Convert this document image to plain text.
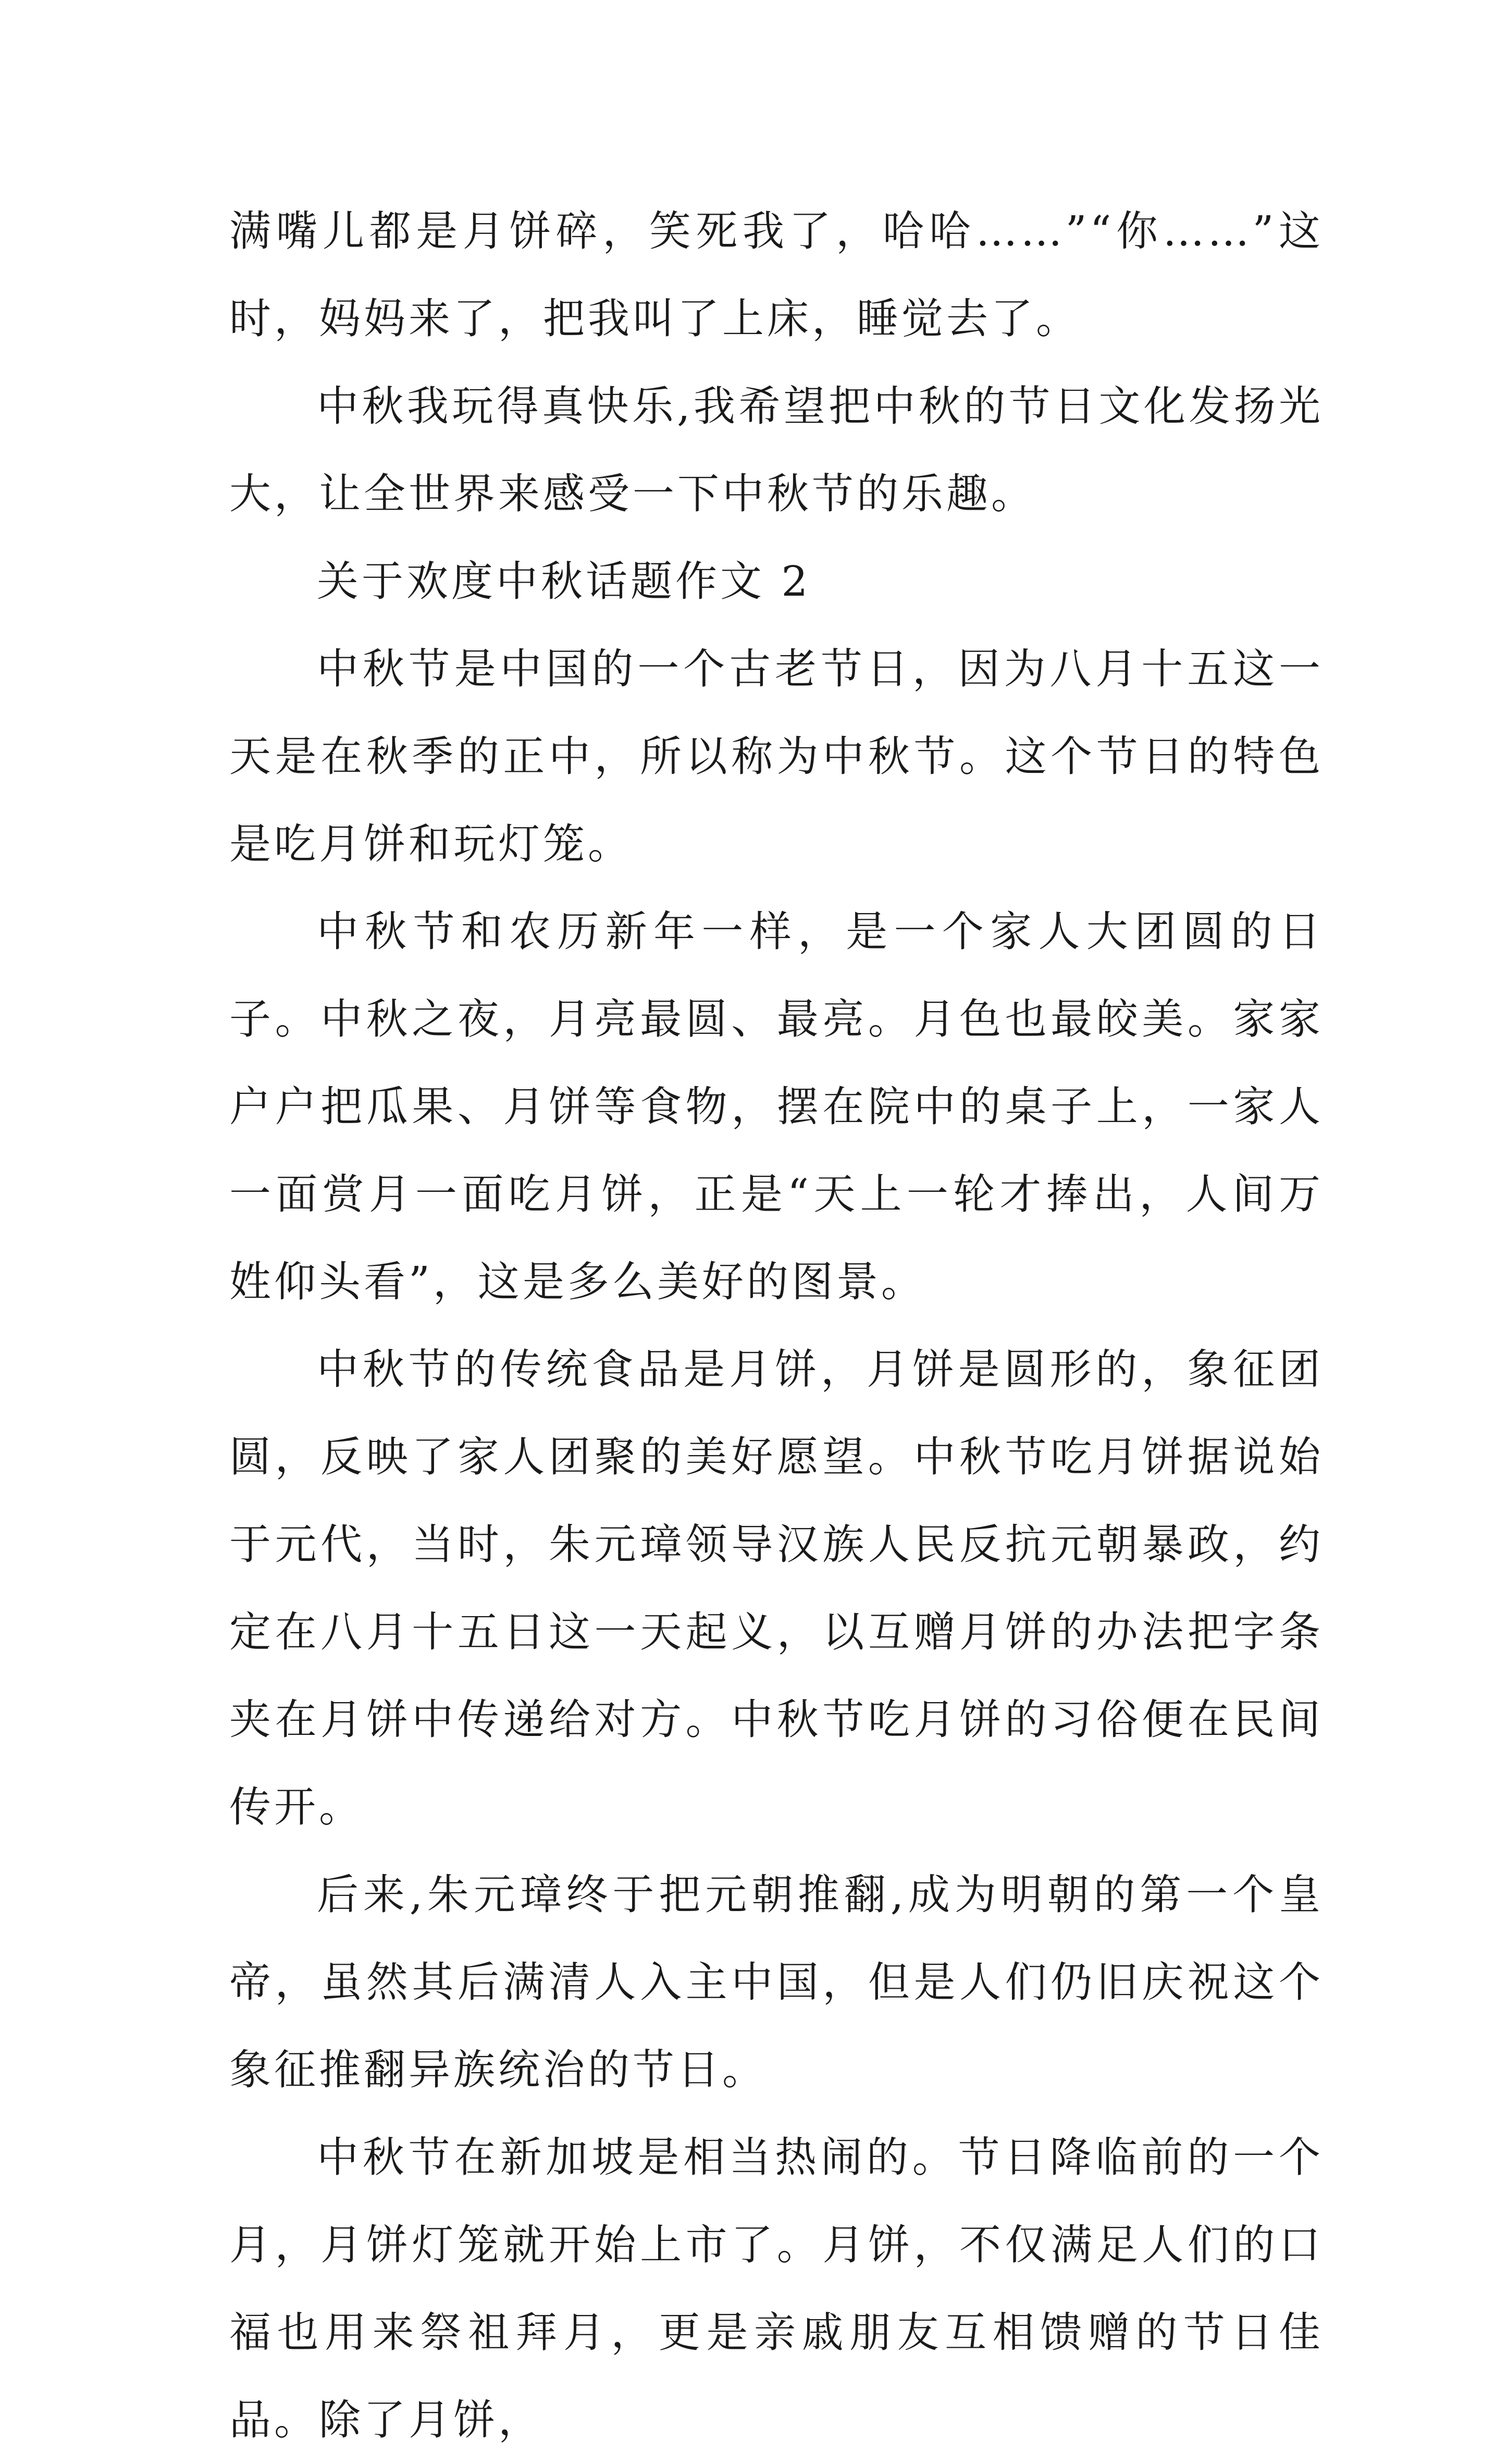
满嘴儿都是月饼碎，笑死我了，哈哈……”“你……”这时，妈妈来了，把我叫了上床，睡觉去了。

中秋我玩得真快乐,我希望把中秋的节日文化发扬光大，让全世界来感受一下中秋节的乐趣。

关于欢度中秋话题作文 2

中秋节是中国的一个古老节日，因为八月十五这一天是在秋季的正中，所以称为中秋节。这个节日的特色是吃月饼和玩灯笼。

中秋节和农历新年一样，是一个家人大团圆的日子。中秋之夜，月亮最圆、最亮。月色也最皎美。家家户户把瓜果、月饼等食物，摆在院中的桌子上，一家人一面赏月一面吃月饼，正是“天上一轮才捧出，人间万姓仰头看”，这是多么美好的图景。

中秋节的传统食品是月饼，月饼是圆形的，象征团圆，反映了家人团聚的美好愿望。中秋节吃月饼据说始于元代，当时，朱元璋领导汉族人民反抗元朝暴政，约定在八月十五日这一天起义，以互赠月饼的办法把字条夹在月饼中传递给对方。中秋节吃月饼的习俗便在民间传开。

后来,朱元璋终于把元朝推翻,成为明朝的第一个皇帝，虽然其后满清人入主中国，但是人们仍旧庆祝这个象征推翻异族统治的节日。

中秋节在新加坡是相当热闹的。节日降临前的一个月，月饼灯笼就开始上市了。月饼，不仅满足人们的口福也用来祭祖拜月，更是亲戚朋友互相馈赠的节日佳品。除了月饼，
